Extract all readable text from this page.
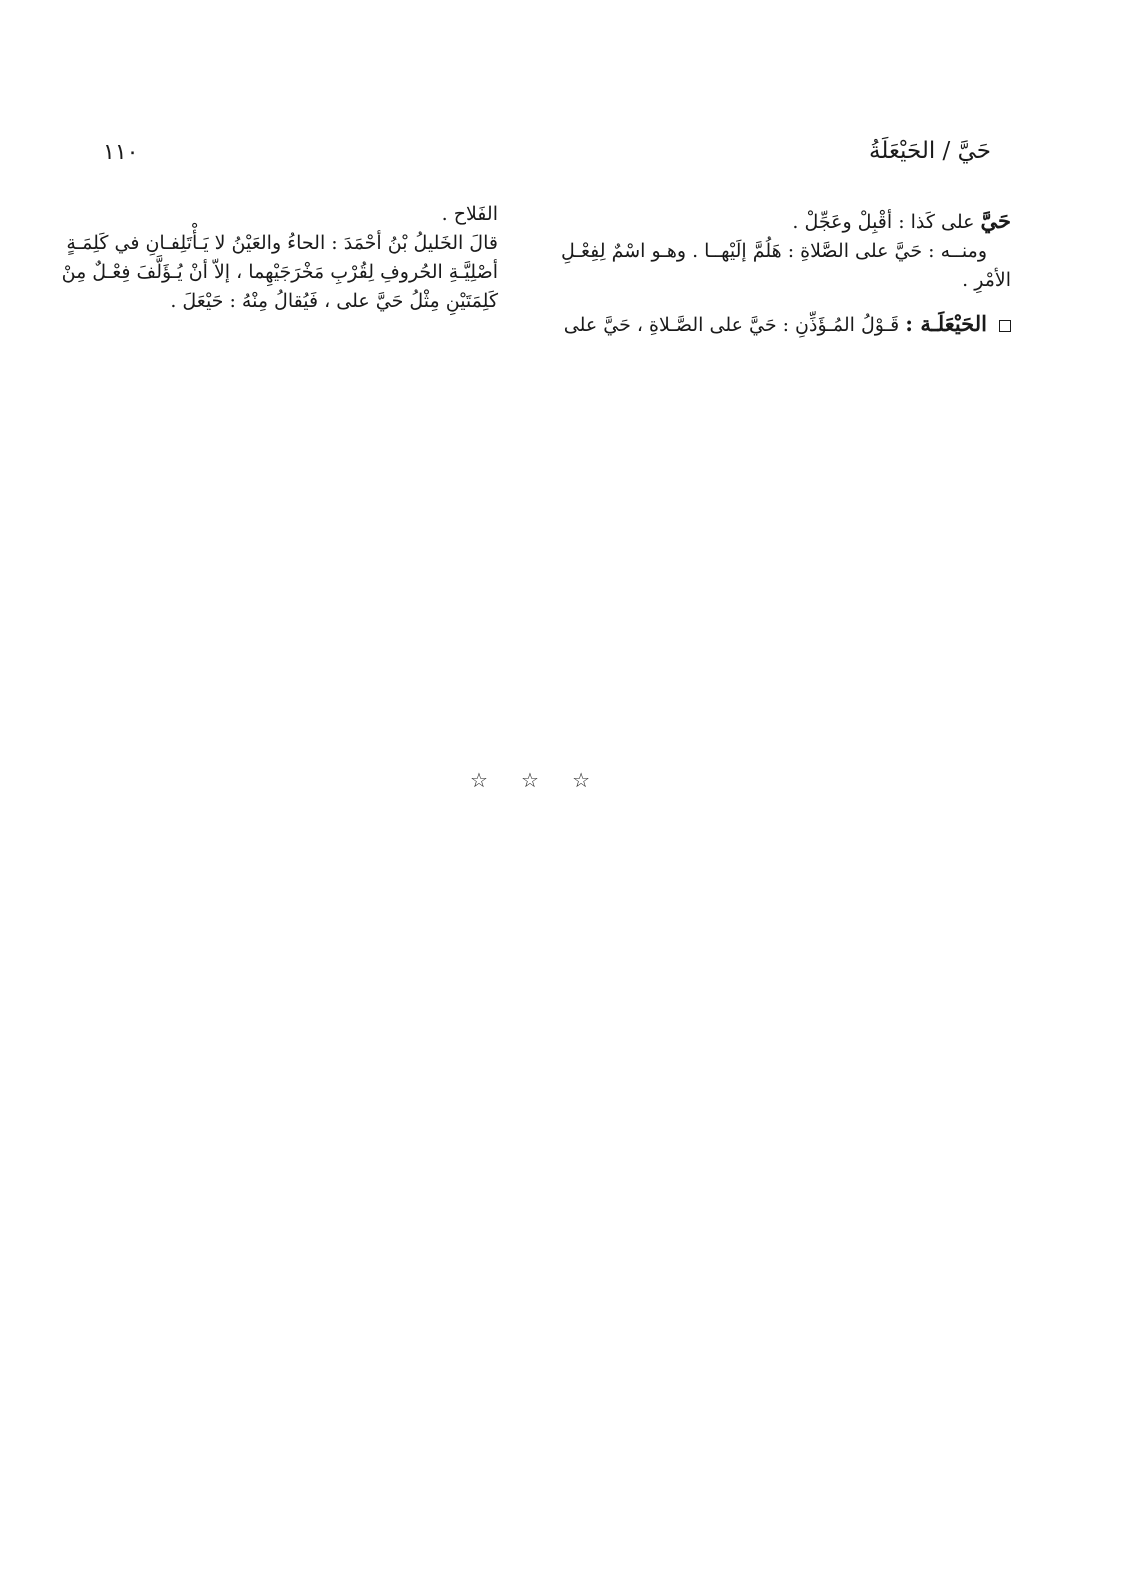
حَيَّ / الحَيْعَلَةُ
١١٠
حَيَّ على كَذا : أقْبِلْ وعَجِّلْ .
ومنــه : حَيَّ على الصَّلاةِ : هَلُمَّ إلَيْهــا . وهـو اسْمٌ لِفِعْـلِ
الأمْرِ .
الحَيْعَلَـة : قَـوْلُ المُـؤَذِّنِ : حَيَّ على الصَّـلاةِ ، حَيَّ على
الفَلاح .
قالَ الخَليلُ بْنُ أحْمَدَ : الحاءُ والعَيْنُ لا يَـأْتَلِفـانِ في كَلِمَـةٍ
أصْلِيَّـةِ الحُروفِ لِقُرْبِ مَخْرَجَيْهِما ، إلاّ أنْ يُـؤَلَّفَ فِعْـلٌ مِنْ
كَلِمَتَيْنِ مِثْلُ حَيَّ على ، فَيُقالُ مِنْهُ : حَيْعَلَ .
☆ ☆ ☆
